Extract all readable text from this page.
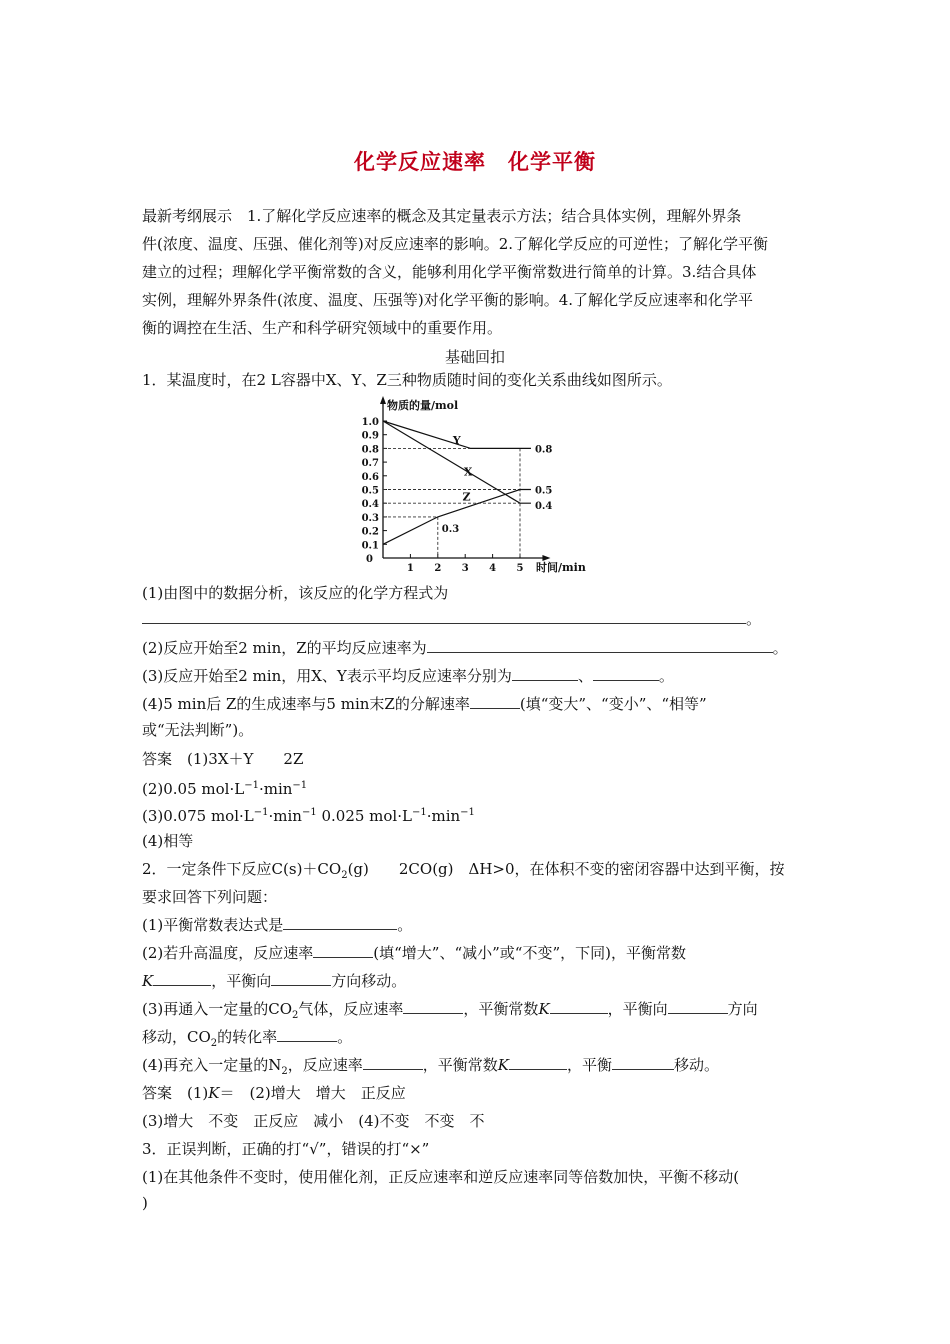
化学反应速率　化学平衡
最新考纲展示　1.了解化学反应速率的概念及其定量表示方法；结合具体实例，理解外界条
件(浓度、温度、压强、催化剂等)对反应速率的影响。2.了解化学反应的可逆性；了解化学平衡
建立的过程；理解化学平衡常数的含义，能够利用化学平衡常数进行简单的计算。3.结合具体
实例，理解外界条件(浓度、温度、压强等)对化学平衡的影响。4.了解化学反应速率和化学平
衡的调控在生活、生产和科学研究领域中的重要作用。
基础回扣
1．某温度时，在2 L容器中X、Y、Z三种物质随时间的变化关系曲线如图所示。
0
0.1
0.2
0.3
0.4
0.5
0.6
0.7
0.8
0.9
1.0
1 2 3 4 5
物质的量/mol
时间/min
Y
X
Z
0.8
0.5
0.4
0.3
(1)由图中的数据分析，该反应的化学方程式为
。
(2)反应开始至2 min，Z的平均反应速率为	。
(3)反应开始至2 min，用X、Y表示平均反应速率分别为	、	。
(4)5 min后 Z的生成速率与5 min末Z的分解速率	(填“变大”、“变小”、“相等”
或“无法判断”)。
答案　 (1)3X＋Y　　2Z
(2)0.05 $mol\cdot L^{-1}\cdot\min^{-1}$
(3)0.075 $mol\cdot L^{-1}\cdot\min^{-1}$ 0.025 $mol\cdot L^{-1}\cdot\min^{-1}$
(4)相等
2．一定条件下反应$C(s)+CO_2(g)$　　2CO(g)　ΔH>0，在体积不变的密闭容器中达到平衡，按
要求回答下列问题：
(1)平衡常数表达式是	。
(2)若升高温度，反应速率	(填“增大”、“减小”或“不变”，下同)，平衡常数
K	，平衡向	方向移动。
(3)再通入一定量的$CO_2$气体，反应速率	，平衡常数K	，平衡向	方向
移动，$CO_2$的转化率	。
(4)再充入一定量的$N_2$，反应速率	，平衡常数K	，平衡	移动。
答案　 (1)K＝　(2)增大　增大　正反应
(3)增大　不变　正反应　减小　(4)不变　不变　不
3．正误判断，正确的打“√”，错误的打“×”
(1)在其他条件不变时，使用催化剂，正反应速率和逆反应速率同等倍数加快，平衡不移动(
)
